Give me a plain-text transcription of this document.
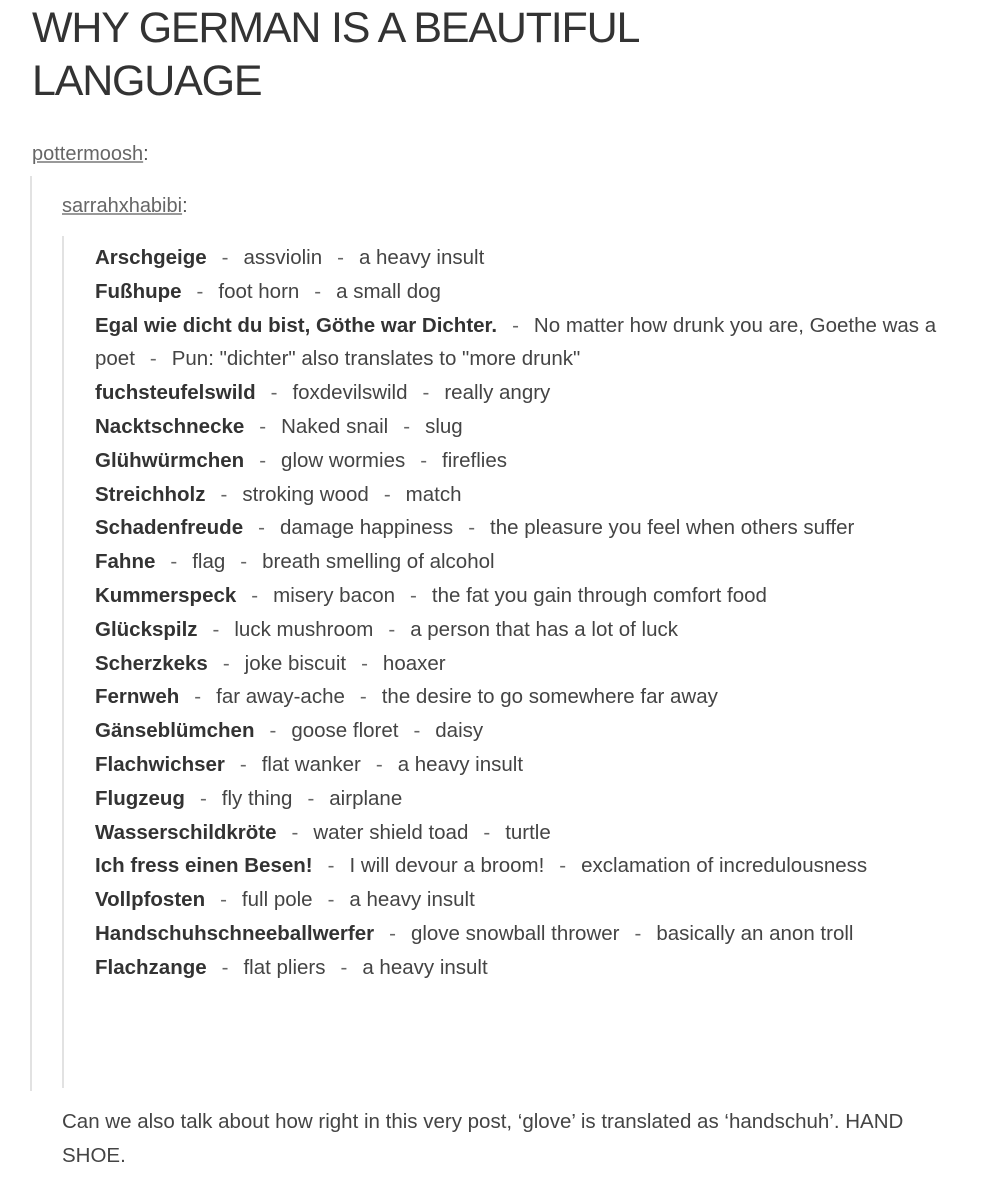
WHY GERMAN IS A BEAUTIFUL LANGUAGE
pottermoosh:
sarrahxhabibi:
Arschgeige - assviolin - a heavy insult
Fußhupe - foot horn - a small dog
Egal wie dicht du bist, Göthe war Dichter. - No matter how drunk you are, Goethe was a poet - Pun: "dichter" also translates to "more drunk"
fuchsteufelswild - foxdevilswild - really angry
Nacktschnecke - Naked snail - slug
Glühwürmchen - glow wormies - fireflies
Streichholz - stroking wood - match
Schadenfreude - damage happiness - the pleasure you feel when others suffer
Fahne - flag - breath smelling of alcohol
Kummerspeck - misery bacon - the fat you gain through comfort food
Glückspilz - luck mushroom - a person that has a lot of luck
Scherzkeks - joke biscuit - hoaxer
Fernweh - far away-ache - the desire to go somewhere far away
Gänseblümchen - goose floret - daisy
Flachwichser - flat wanker - a heavy insult
Flugzeug - fly thing - airplane
Wasserschildkröte - water shield toad - turtle
Ich fress einen Besen! - I will devour a broom! - exclamation of incredulousness
Vollpfosten - full pole - a heavy insult
Handschuhschneeballwerfer - glove snowball thrower - basically an anon troll
Flachzange - flat pliers - a heavy insult

Can we also talk about how right in this very post, ‘glove’ is translated as ‘handschuh’. HAND SHOE.
